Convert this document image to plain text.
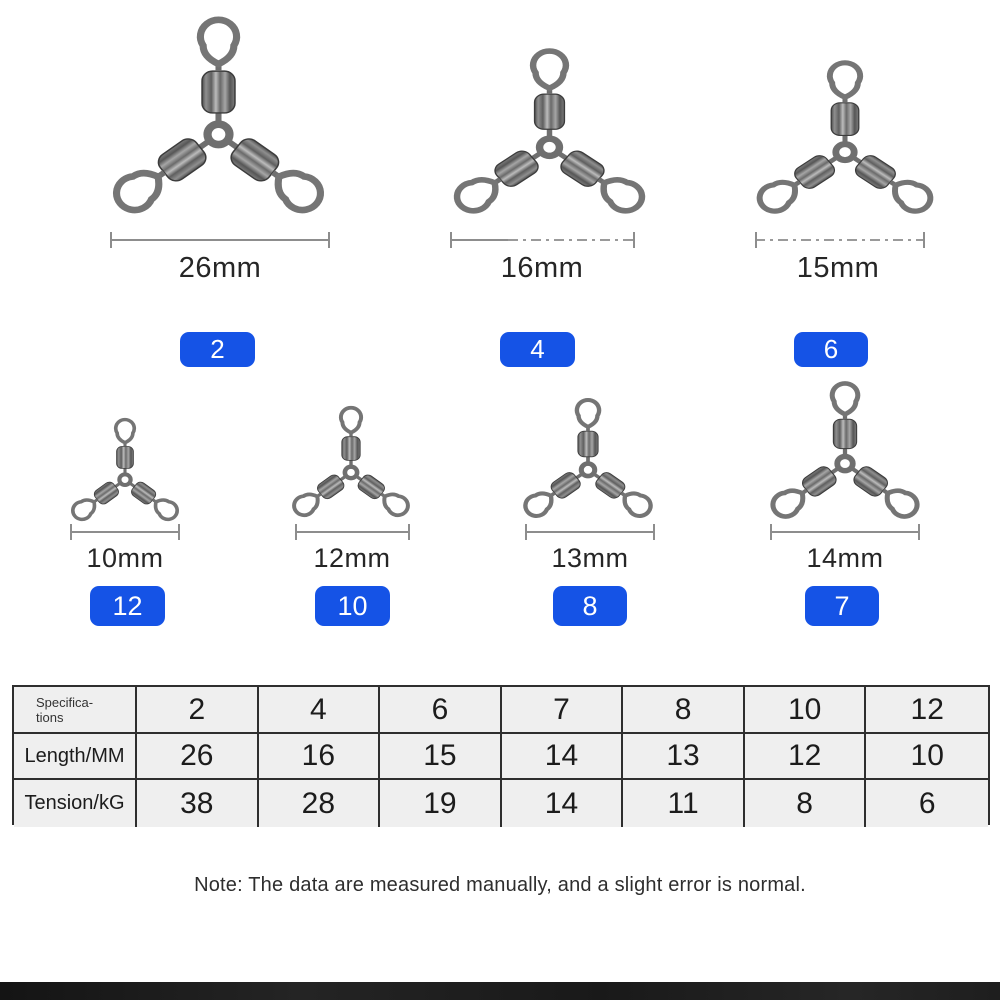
26mm
2
16mm
4
15mm
6
10mm
12
12mm
10
13mm
8
14mm
7
Specifica-
tions	2	4	6	7	8	10	12
Length/MM	26	16	15	14	13	12	10
Tension/kG	38	28	19	14	11	8	6
Note: The data are measured manually, and a slight error is normal.
